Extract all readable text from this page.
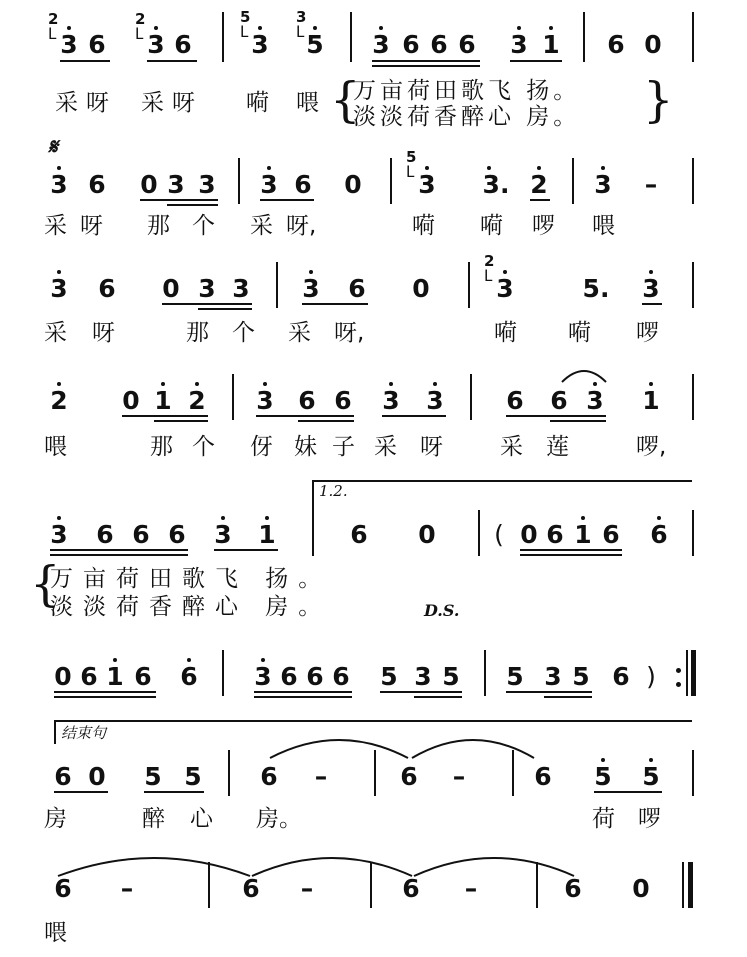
2
ᒪ 3 6
2
ᒪ 3 6
5
ᒪ 3
3
ᒪ 5 3 6 6 6 3 1 6 0
采 呀 采 呀 嗬 喂 {
万亩荷田歌飞 扬。
淡淡荷香醉心 房。 }
𝄋
3 6 0 3 3 3 6 0
5
ᒪ 3 3. 2 3 –
采 呀 那 个 采 呀,	嗬 嗬 啰 喂
3 6 0 3 3 3 6 0
2
ᒪ 3	5. 3
采 呀	那 个 采 呀,	嗬 嗬 啰
2 0 1 2 3 6 6 3 3	6 6 3 1
喂	那 个 伢 妹 子 采 呀 采 莲	啰,
1.2.
3 6 6 6 3 1	6 0 ( 0 6 1 6 6
{
万亩荷田歌飞 扬。
淡淡荷香醉心 房。	D.S.
0 6 1 6 6 3 6 6 6 5 3 5 5 3 5 6 )
结束句
6 0 5 5 6 –	6 –	6 5 5
房	醉 心 房。	荷 啰
6 –	6 –	6 –	6 0
喂
